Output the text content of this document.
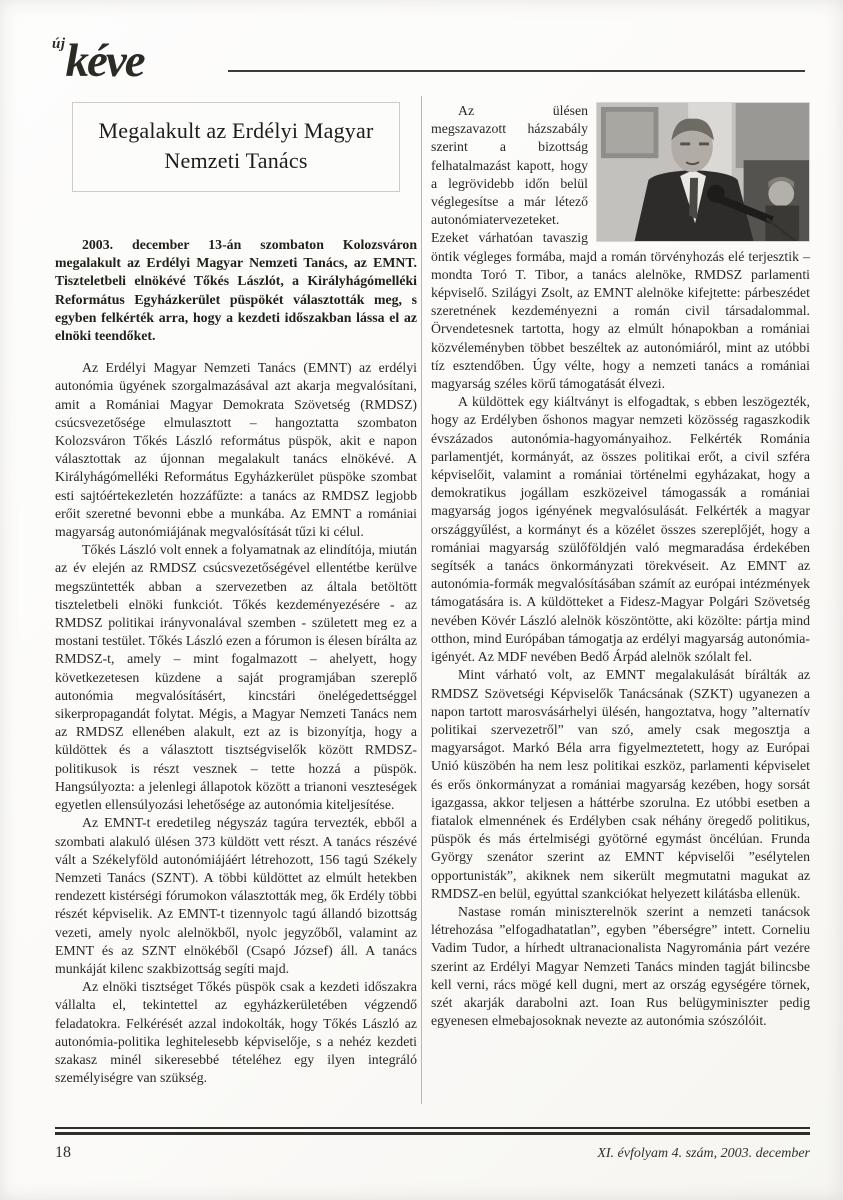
újkéve
Megalakult az Erdélyi Magyar Nemzeti Tanács

2003. december 13-án szombaton Kolozsváron megalakult az Erdélyi Magyar Nemzeti Tanács, az EMNT. Tiszteletbeli elnökévé Tőkés Lászlót, a Királyhágómelléki Református Egyházkerület püspökét választották meg, s egyben felkérték arra, hogy a kezdeti időszakban lássa el az elnöki teendőket.

Az Erdélyi Magyar Nemzeti Tanács (EMNT) az erdélyi autonómia ügyének szorgalmazásával azt akarja megvalósítani, amit a Romániai Magyar Demokrata Szövetség (RMDSZ) csúcsvezetősége elmulasztott – hangoztatta szombaton Kolozsváron Tőkés László református püspök, akit e napon választottak az újonnan megalakult tanács elnökévé. A Királyhágómelléki Református Egyházkerület püspöke szombat esti sajtóértekezletén hozzáfűzte: a tanács az RMDSZ legjobb erőit szeretné bevonni ebbe a munkába. Az EMNT a romániai magyarság autonómiájának megvalósítását tűzi ki célul.

Tőkés László volt ennek a folyamatnak az elindítója, miután az év elején az RMDSZ csúcsvezetőségével ellentétbe kerülve megszüntették abban a szervezetben az általa betöltött tiszteletbeli elnöki funkciót. Tőkés kezdeményezésére - az RMDSZ politikai irányvonalával szemben - született meg ez a mostani testület. Tőkés László ezen a fórumon is élesen bírálta az RMDSZ-t, amely – mint fogalmazott – ahelyett, hogy következetesen küzdene a saját programjában szereplő autonómia megvalósításért, kincstári önelégedettséggel sikerpropagandát folytat. Mégis, a Magyar Nemzeti Tanács nem az RMDSZ ellenében alakult, ezt az is bizonyítja, hogy a küldöttek és a választott tisztségviselők között RMDSZ-politikusok is részt vesznek – tette hozzá a püspök. Hangsúlyozta: a jelenlegi állapotok között a trianoni veszteségek egyetlen ellensúlyozási lehetősége az autonómia kiteljesítése.

Az EMNT-t eredetileg négyszáz tagúra tervezték, ebből a szombati alakuló ülésen 373 küldött vett részt. A tanács részévé vált a Székelyföld autonómiájáért létrehozott, 156 tagú Székely Nemzeti Tanács (SZNT). A többi küldöttet az elmúlt hetekben rendezett kistérségi fórumokon választották meg, ők Erdély többi részét képviselik. Az EMNT-t tizennyolc tagú állandó bizottság vezeti, amely nyolc alelnökből, nyolc jegyzőből, valamint az EMNT és az SZNT elnökéből (Csapó József) áll. A tanács munkáját kilenc szakbizottság segíti majd.

Az elnöki tisztséget Tőkés püspök csak a kezdeti időszakra vállalta el, tekintettel az egyházkerületében végzendő feladatokra. Felkérését azzal indokolták, hogy Tőkés László az autonómia-politika leghitelesebb képviselője, s a nehéz kezdeti szakasz minél sikeresebbé tételéhez egy ilyen integráló személyiségre van szükség.

Az ülésen megszavazott házszabály szerint a bizottság felhatalmazást kapott, hogy a legrövidebb időn belül véglegesítse a már létező autonómiatervezeteket. Ezeket várhatóan tavaszig öntik végleges formába, majd a román törvényhozás elé terjesztik – mondta Toró T. Tibor, a tanács alelnöke, RMDSZ parlamenti képviselő. Szilágyi Zsolt, az EMNT alelnöke kifejtette: párbeszédet szeretnének kezdeményezni a román civil társadalommal. Örvendetesnek tartotta, hogy az elmúlt hónapokban a romániai közvéleményben többet beszéltek az autonómiáról, mint az utóbbi tíz esztendőben. Úgy vélte, hogy a nemzeti tanács a romániai magyarság széles körű támogatását élvezi.

A küldöttek egy kiáltványt is elfogadtak, s ebben leszögezték, hogy az Erdélyben őshonos magyar nemzeti közösség ragaszkodik évszázados autonómia-hagyományaihoz. Felkérték Románia parlamentjét, kormányát, az összes politikai erőt, a civil szféra képviselőit, valamint a romániai történelmi egyházakat, hogy a demokratikus jogállam eszközeivel támogassák a romániai magyarság jogos igényének megvalósulását. Felkérték a magyar országgyűlést, a kormányt és a közélet összes szereplőjét, hogy a romániai magyarság szülőföldjén való megmaradása érdekében segítsék a tanács önkormányzati törekvéseit. Az EMNT az autonómia-formák megvalósításában számít az európai intézmények támogatására is. A küldötteket a Fidesz-Magyar Polgári Szövetség nevében Kövér László alelnök köszöntötte, aki közölte: pártja mind otthon, mind Európában támogatja az erdélyi magyarság autonómia-igényét. Az MDF nevében Bedő Árpád alelnök szólalt fel.

Mint várható volt, az EMNT megalakulását bírálták az RMDSZ Szövetségi Képviselők Tanácsának (SZKT) ugyanezen a napon tartott marosvásárhelyi ülésén, hangoztatva, hogy ”alternatív politikai szervezetről” van szó, amely csak megosztja a magyarságot. Markó Béla arra figyelmeztetett, hogy az Európai Unió küszöbén ha nem lesz politikai eszköz, parlamenti képviselet és erős önkormányzat a romániai magyarság kezében, hogy sorsát igazgassa, akkor teljesen a háttérbe szorulna. Ez utóbbi esetben a fiatalok elmennének és Erdélyben csak néhány öregedő politikus, püspök és más értelmiségi gyötörné egymást öncélúan. Frunda György szenátor szerint az EMNT képviselői ”esélytelen opportunisták”, akiknek nem sikerült megmutatni magukat az RMDSZ-en belül, egyúttal szankciókat helyezett kilátásba ellenük.

Nastase román miniszterelnök szerint a nemzeti tanácsok létrehozása ”elfogadhatatlan”, egyben ”éberségre” intett. Corneliu Vadim Tudor, a hírhedt ultranacionalista Nagyrománia párt vezére szerint az Erdélyi Magyar Nemzeti Tanács minden tagját bilincsbe kell verni, rács mögé kell dugni, mert az ország egységére törnek, szét akarják darabolni azt. Ioan Rus belügyminiszter pedig egyenesen elmebajosoknak nevezte az autonómia szószólóit.

18	XI. évfolyam 4. szám, 2003. december
